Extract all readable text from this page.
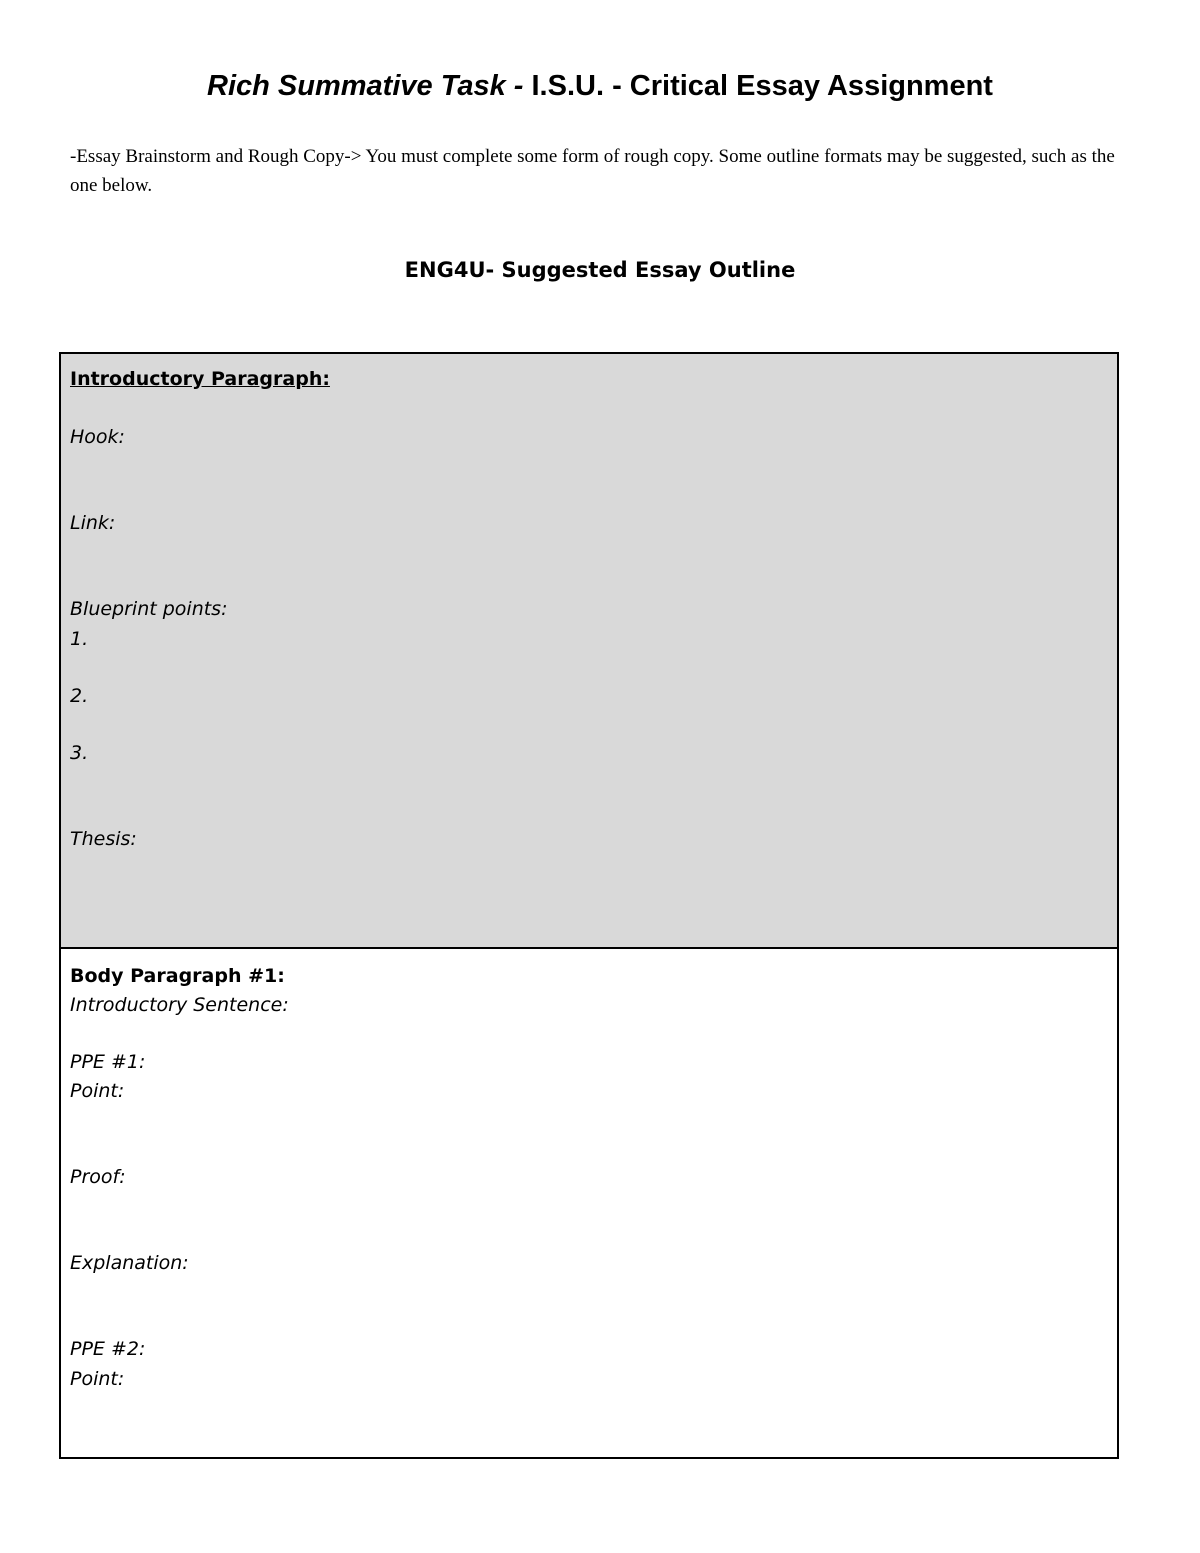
Rich Summative Task - I.S.U. - Critical Essay Assignment

-Essay Brainstorm and Rough Copy-> You must complete some form of rough copy. Some outline formats may be suggested, such as the one below.

ENG4U- Suggested Essay Outline
Introductory Paragraph:
Hook:
Link:
Blueprint points:
1.
2.
3.
Thesis:
Body Paragraph #1:
Introductory Sentence:
PPE #1:
Point:
Proof:
Explanation:
PPE #2:
Point:
